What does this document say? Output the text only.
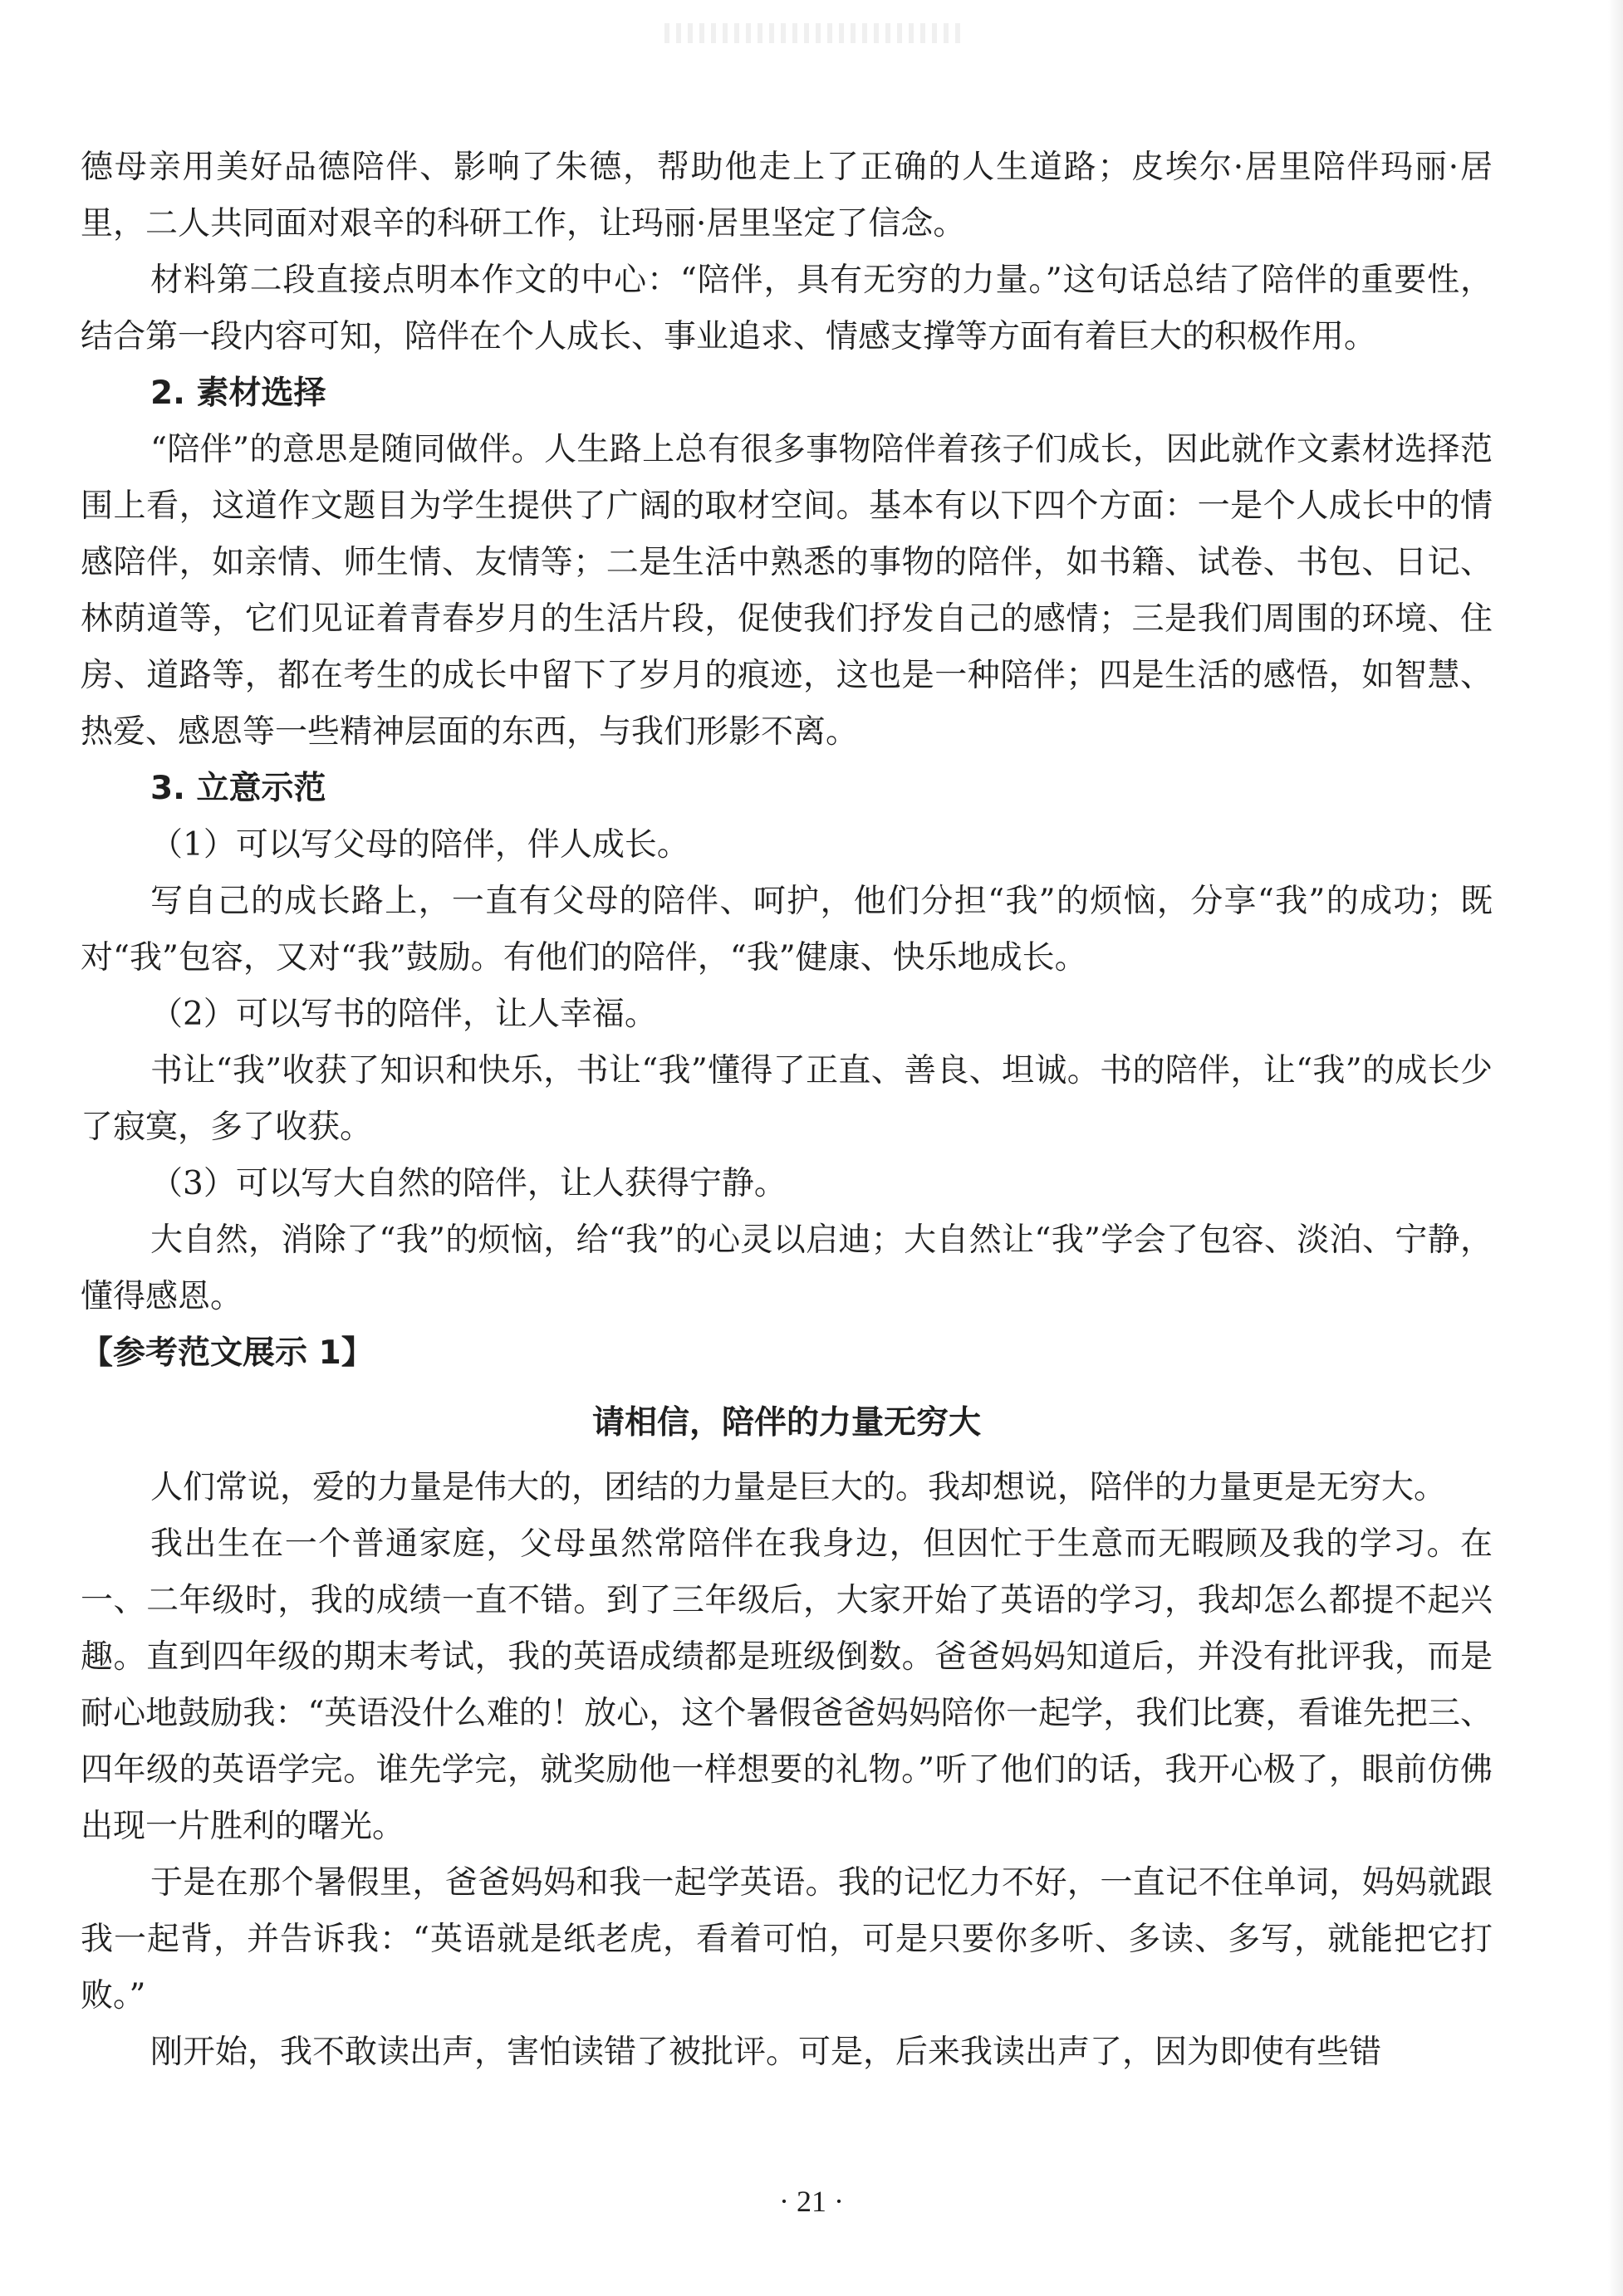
德母亲用美好品德陪伴、影响了朱德，帮助他走上了正确的人生道路；皮埃尔·居里陪伴玛丽·居里，二人共同面对艰辛的科研工作，让玛丽·居里坚定了信念。

材料第二段直接点明本作文的中心：“陪伴，具有无穷的力量。”这句话总结了陪伴的重要性，结合第一段内容可知，陪伴在个人成长、事业追求、情感支撑等方面有着巨大的积极作用。

2. 素材选择

“陪伴”的意思是随同做伴。人生路上总有很多事物陪伴着孩子们成长，因此就作文素材选择范围上看，这道作文题目为学生提供了广阔的取材空间。基本有以下四个方面：一是个人成长中的情感陪伴，如亲情、师生情、友情等；二是生活中熟悉的事物的陪伴，如书籍、试卷、书包、日记、林荫道等，它们见证着青春岁月的生活片段，促使我们抒发自己的感情；三是我们周围的环境、住房、道路等，都在考生的成长中留下了岁月的痕迹，这也是一种陪伴；四是生活的感悟，如智慧、热爱、感恩等一些精神层面的东西，与我们形影不离。

3. 立意示范

（1）可以写父母的陪伴，伴人成长。

写自己的成长路上，一直有父母的陪伴、呵护，他们分担“我”的烦恼，分享“我”的成功；既对“我”包容，又对“我”鼓励。有他们的陪伴，“我”健康、快乐地成长。

（2）可以写书的陪伴，让人幸福。

书让“我”收获了知识和快乐，书让“我”懂得了正直、善良、坦诚。书的陪伴，让“我”的成长少了寂寞，多了收获。

（3）可以写大自然的陪伴，让人获得宁静。

大自然，消除了“我”的烦恼，给“我”的心灵以启迪；大自然让“我”学会了包容、淡泊、宁静，懂得感恩。

【参考范文展示 1】

请相信，陪伴的力量无穷大

人们常说，爱的力量是伟大的，团结的力量是巨大的。我却想说，陪伴的力量更是无穷大。

我出生在一个普通家庭，父母虽然常陪伴在我身边，但因忙于生意而无暇顾及我的学习。在一、二年级时，我的成绩一直不错。到了三年级后，大家开始了英语的学习，我却怎么都提不起兴趣。直到四年级的期末考试，我的英语成绩都是班级倒数。爸爸妈妈知道后，并没有批评我，而是耐心地鼓励我：“英语没什么难的！放心，这个暑假爸爸妈妈陪你一起学，我们比赛，看谁先把三、四年级的英语学完。谁先学完，就奖励他一样想要的礼物。”听了他们的话，我开心极了，眼前仿佛出现一片胜利的曙光。

于是在那个暑假里，爸爸妈妈和我一起学英语。我的记忆力不好，一直记不住单词，妈妈就跟我一起背，并告诉我：“英语就是纸老虎，看着可怕，可是只要你多听、多读、多写，就能把它打败。”

刚开始，我不敢读出声，害怕读错了被批评。可是，后来我读出声了，因为即使有些错

· 21 ·
